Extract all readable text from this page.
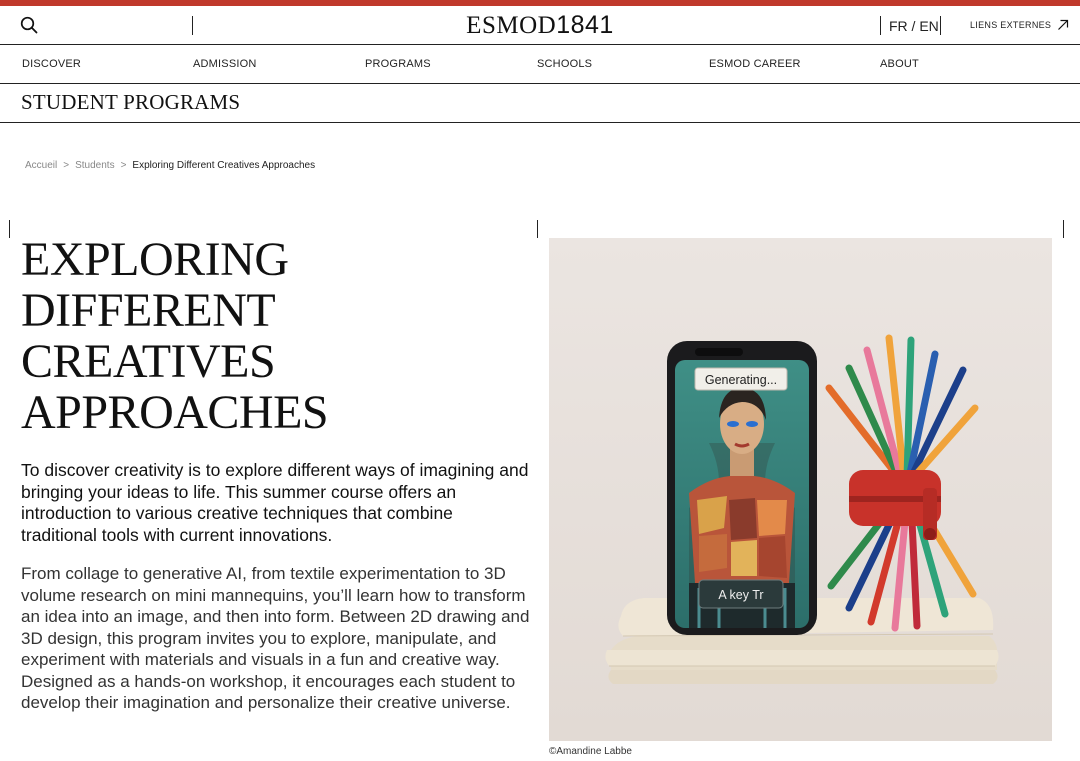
ESMOD1841	FR / EN	LIENS EXTERNES
DISCOVER	ADMISSION	PROGRAMS	SCHOOLS	ESMOD CAREER	ABOUT
STUDENT PROGRAMS
Accueil > Students > Exploring Different Creatives Approaches
EXPLORING DIFFERENT CREATIVES APPROACHES

To discover creativity is to explore different ways of imagining and bringing your ideas to life. This summer course offers an introduction to various creative techniques that combine traditional tools with current innovations.

From collage to generative AI, from textile experimentation to 3D volume research on mini mannequins, you’ll learn how to transform an idea into an image, and then into form. Between 2D drawing and 3D design, this program invites you to explore, manipulate, and experiment with materials and visuals in a fun and creative way. Designed as a hands-on workshop, it encourages each student to develop their imagination and personalize their creative universe.

Generating...
A key Tr
©Amandine Labbe
